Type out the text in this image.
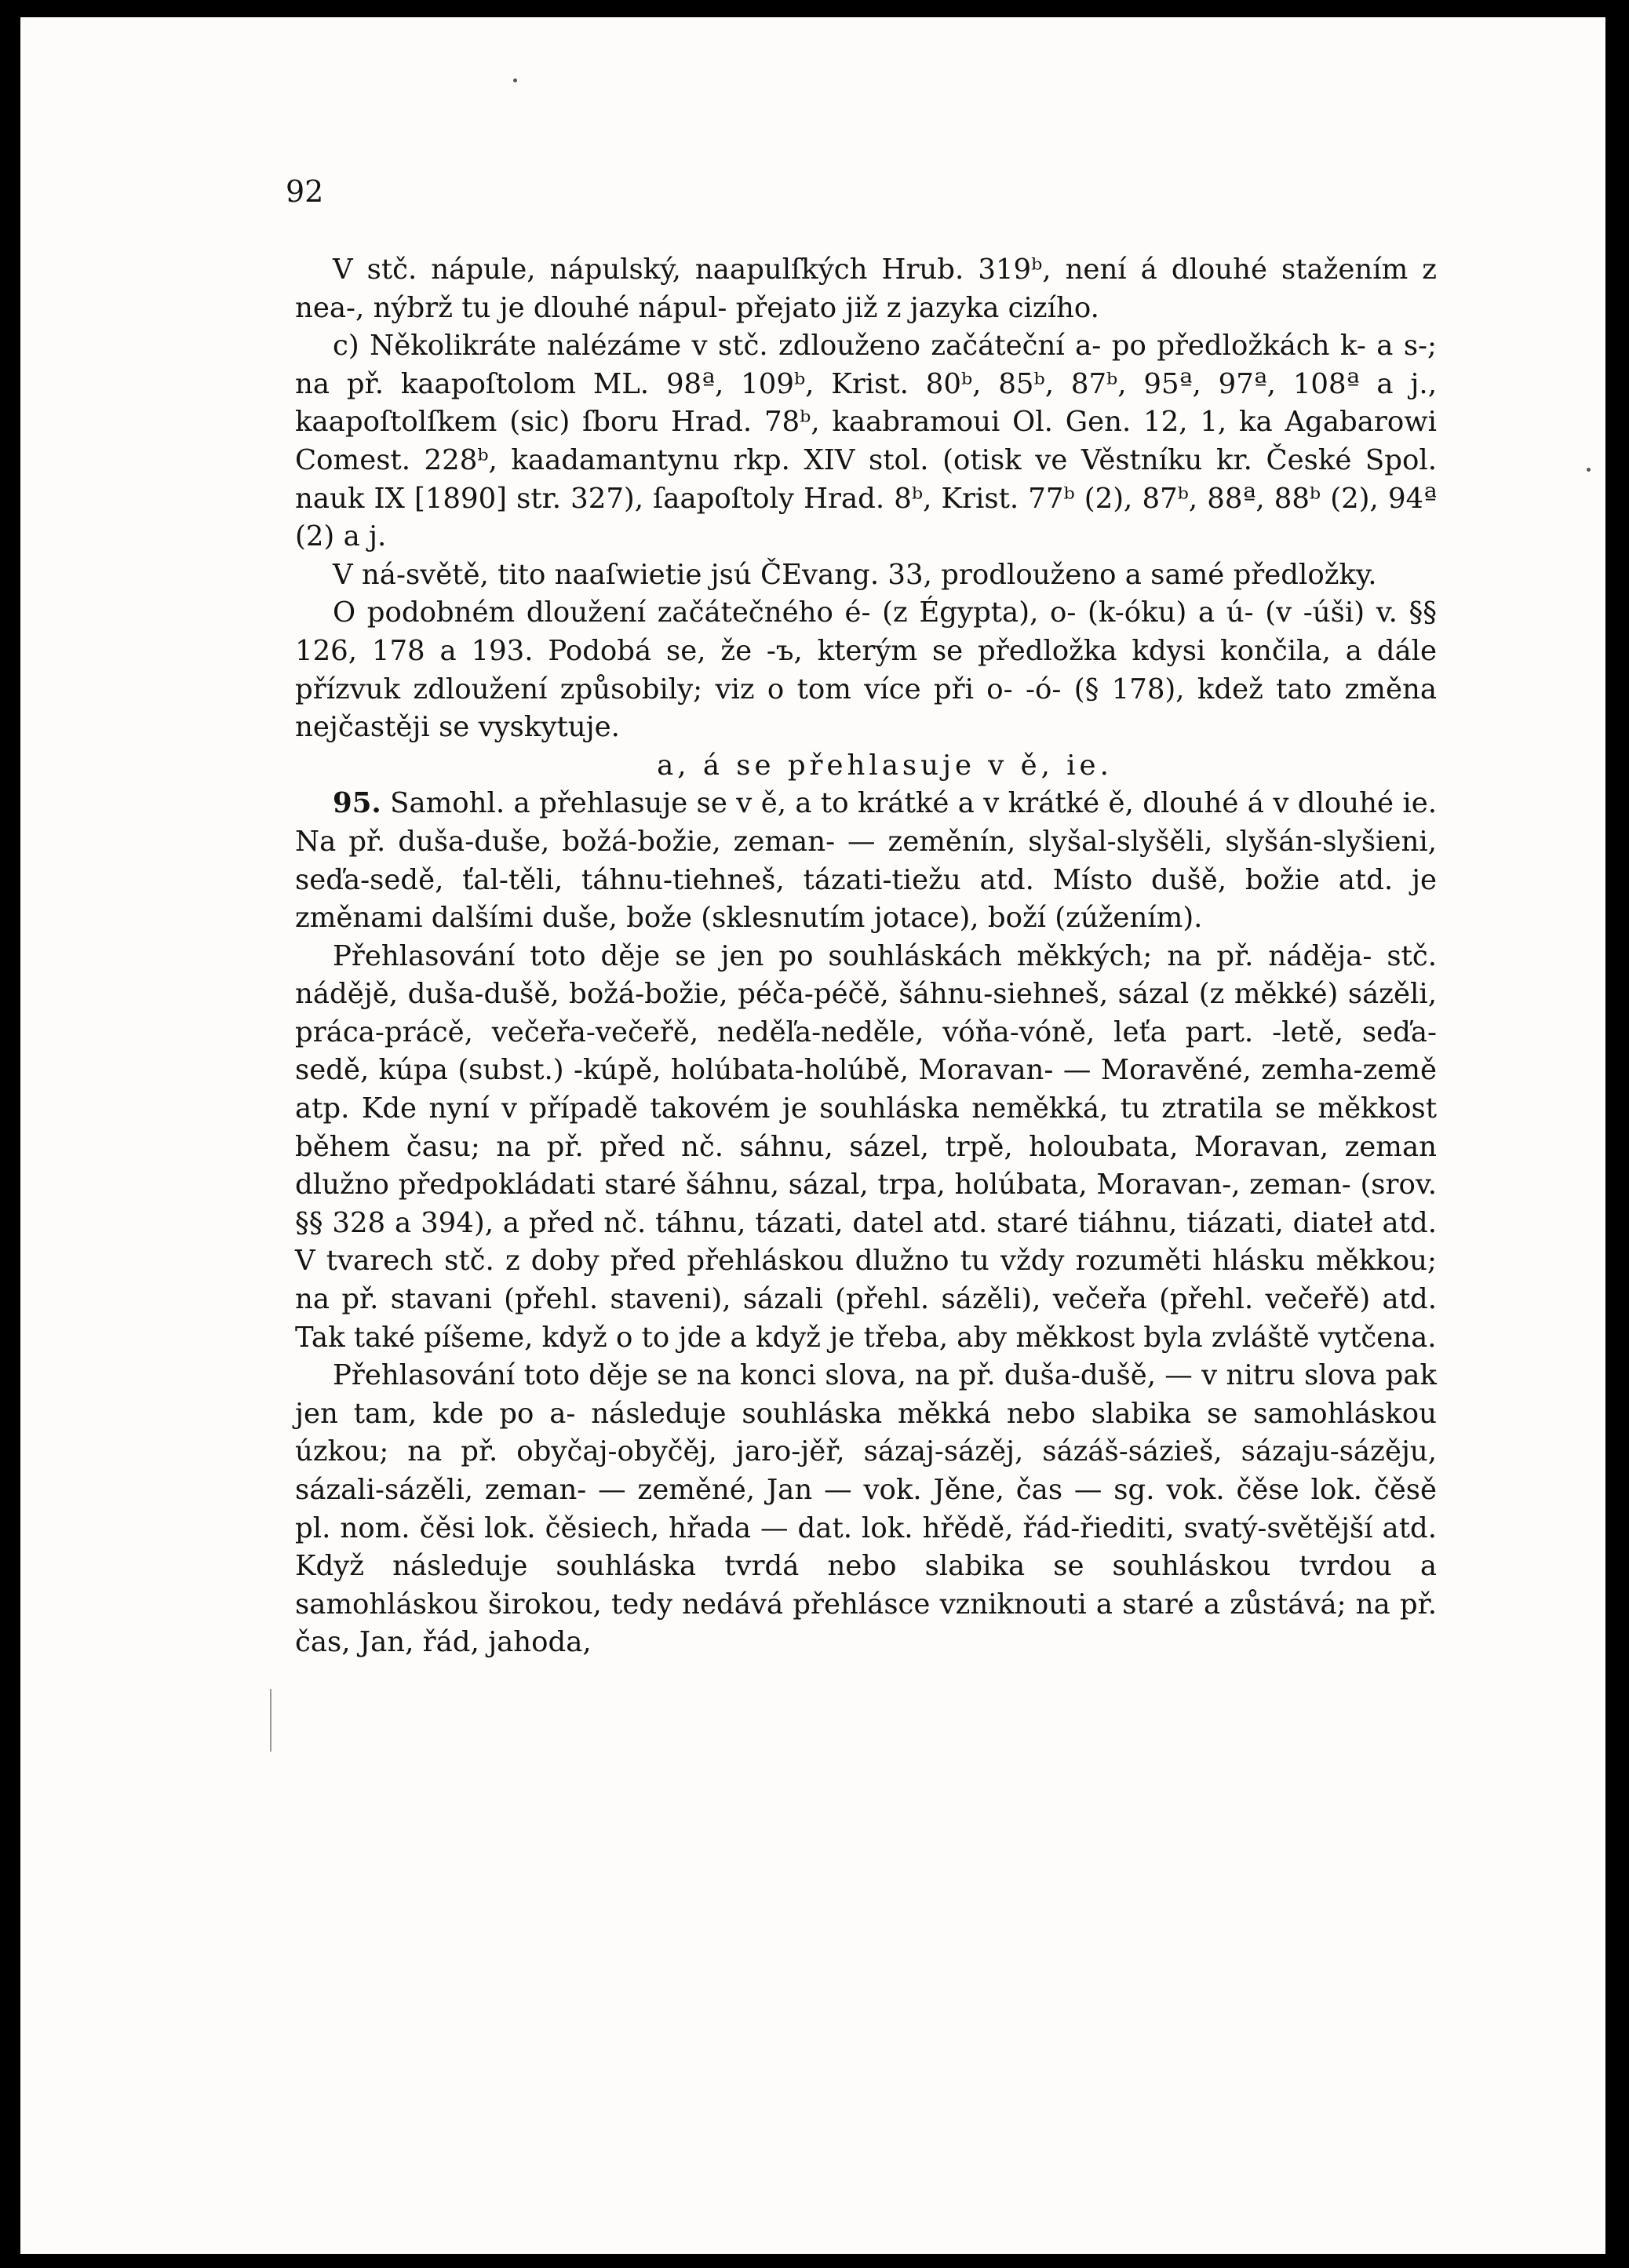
92

V stč. nápule, nápulský, naapulſkých Hrub. 319ᵇ, není á dlouhé stažením z nea-, nýbrž tu je dlouhé nápul- přejato již z jazyka cizího.

c) Několikráte nalézáme v stč. zdlouženo začáteční a- po předložkách k- a s-; na př. kaapoſtolom ML. 98ª, 109ᵇ, Krist. 80ᵇ, 85ᵇ, 87ᵇ, 95ª, 97ª, 108ª a j., kaapoſtolſkem (sic) ſboru Hrad. 78ᵇ, kaabramoui Ol. Gen. 12, 1, ka Agabarowi Comest. 228ᵇ, kaadamantynu rkp. XIV stol. (otisk ve Věstníku kr. České Spol. nauk IX [1890] str. 327), ſaapoſtoly Hrad. 8ᵇ, Krist. 77ᵇ (2), 87ᵇ, 88ª, 88ᵇ (2), 94ª (2) a j.

V ná-světě, tito naaſwietie jsú ČEvang. 33, prodlouženo a samé předložky.

O podobném dloužení začátečného é- (z Égypta), o- (k-óku) a ú- (v -úši) v. §§ 126, 178 a 193. Podobá se, že -ъ, kterým se předložka kdysi končila, a dále přízvuk zdloužení způsobily; viz o tom více při o- -ó- (§ 178), kdež tato změna nejčastěji se vyskytuje.

a, á se přehlasuje v ě, ie.

95. Samohl. a přehlasuje se v ě, a to krátké a v krátké ě, dlouhé á v dlouhé ie. Na př. duša-duše, božá-božie, zeman- — zeměnín, slyšal-slyšěli, slyšán-slyšieni, seďa-sedě, ťal-těli, táhnu-tiehneš, tázati-tiežu atd. Místo dušě, božie atd. je změnami dalšími duše, bože (sklesnutím jotace), boží (zúžením).

Přehlasování toto děje se jen po souhláskách měkkých; na př. náděja- stč. nádějě, duša-dušě, božá-božie, péča-péčě, šáhnu-siehneš, sázal (z měkké) sázěli, práca-prácě, večeřa-večeřě, neděľa-neděle, vóňa-vóně, leťa part. -letě, seďa-sedě, kúpa (subst.) -kúpě, holúbata-holúbě, Moravan- — Moravěné, zemha-země atp. Kde nyní v případě takovém je souhláska neměkká, tu ztratila se měkkost během času; na př. před nč. sáhnu, sázel, trpě, holoubata, Moravan, zeman dlužno předpokládati staré šáhnu, sázal, trpa, holúbata, Moravan-, zeman- (srov. §§ 328 a 394), a před nč. táhnu, tázati, datel atd. staré tiáhnu, tiázati, diateł atd. V tvarech stč. z doby před přehláskou dlužno tu vždy rozuměti hlásku měkkou; na př. stavani (přehl. staveni), sázali (přehl. sázěli), večeřa (přehl. večeřě) atd. Tak také píšeme, když o to jde a když je třeba, aby měkkost byla zvláště vytčena.

Přehlasování toto děje se na konci slova, na př. duša-dušě, — v nitru slova pak jen tam, kde po a- následuje souhláska měkká nebo slabika se samohláskou úzkou; na př. obyčaj-obyčěj, jaro-jěř, sázaj-sázěj, sázáš-sázieš, sázaju-sázěju, sázali-sázěli, zeman- — zeměné, Jan — vok. Jěne, čas — sg. vok. čěse lok. čěsě pl. nom. čěsi lok. čěsiech, hřada — dat. lok. hřědě, řád-řiediti, svatý-světější atd. Když následuje souhláska tvrdá nebo slabika se souhláskou tvrdou a samohláskou širokou, tedy nedává přehlásce vzniknouti a staré a zůstává; na př. čas, Jan, řád, jahoda,
